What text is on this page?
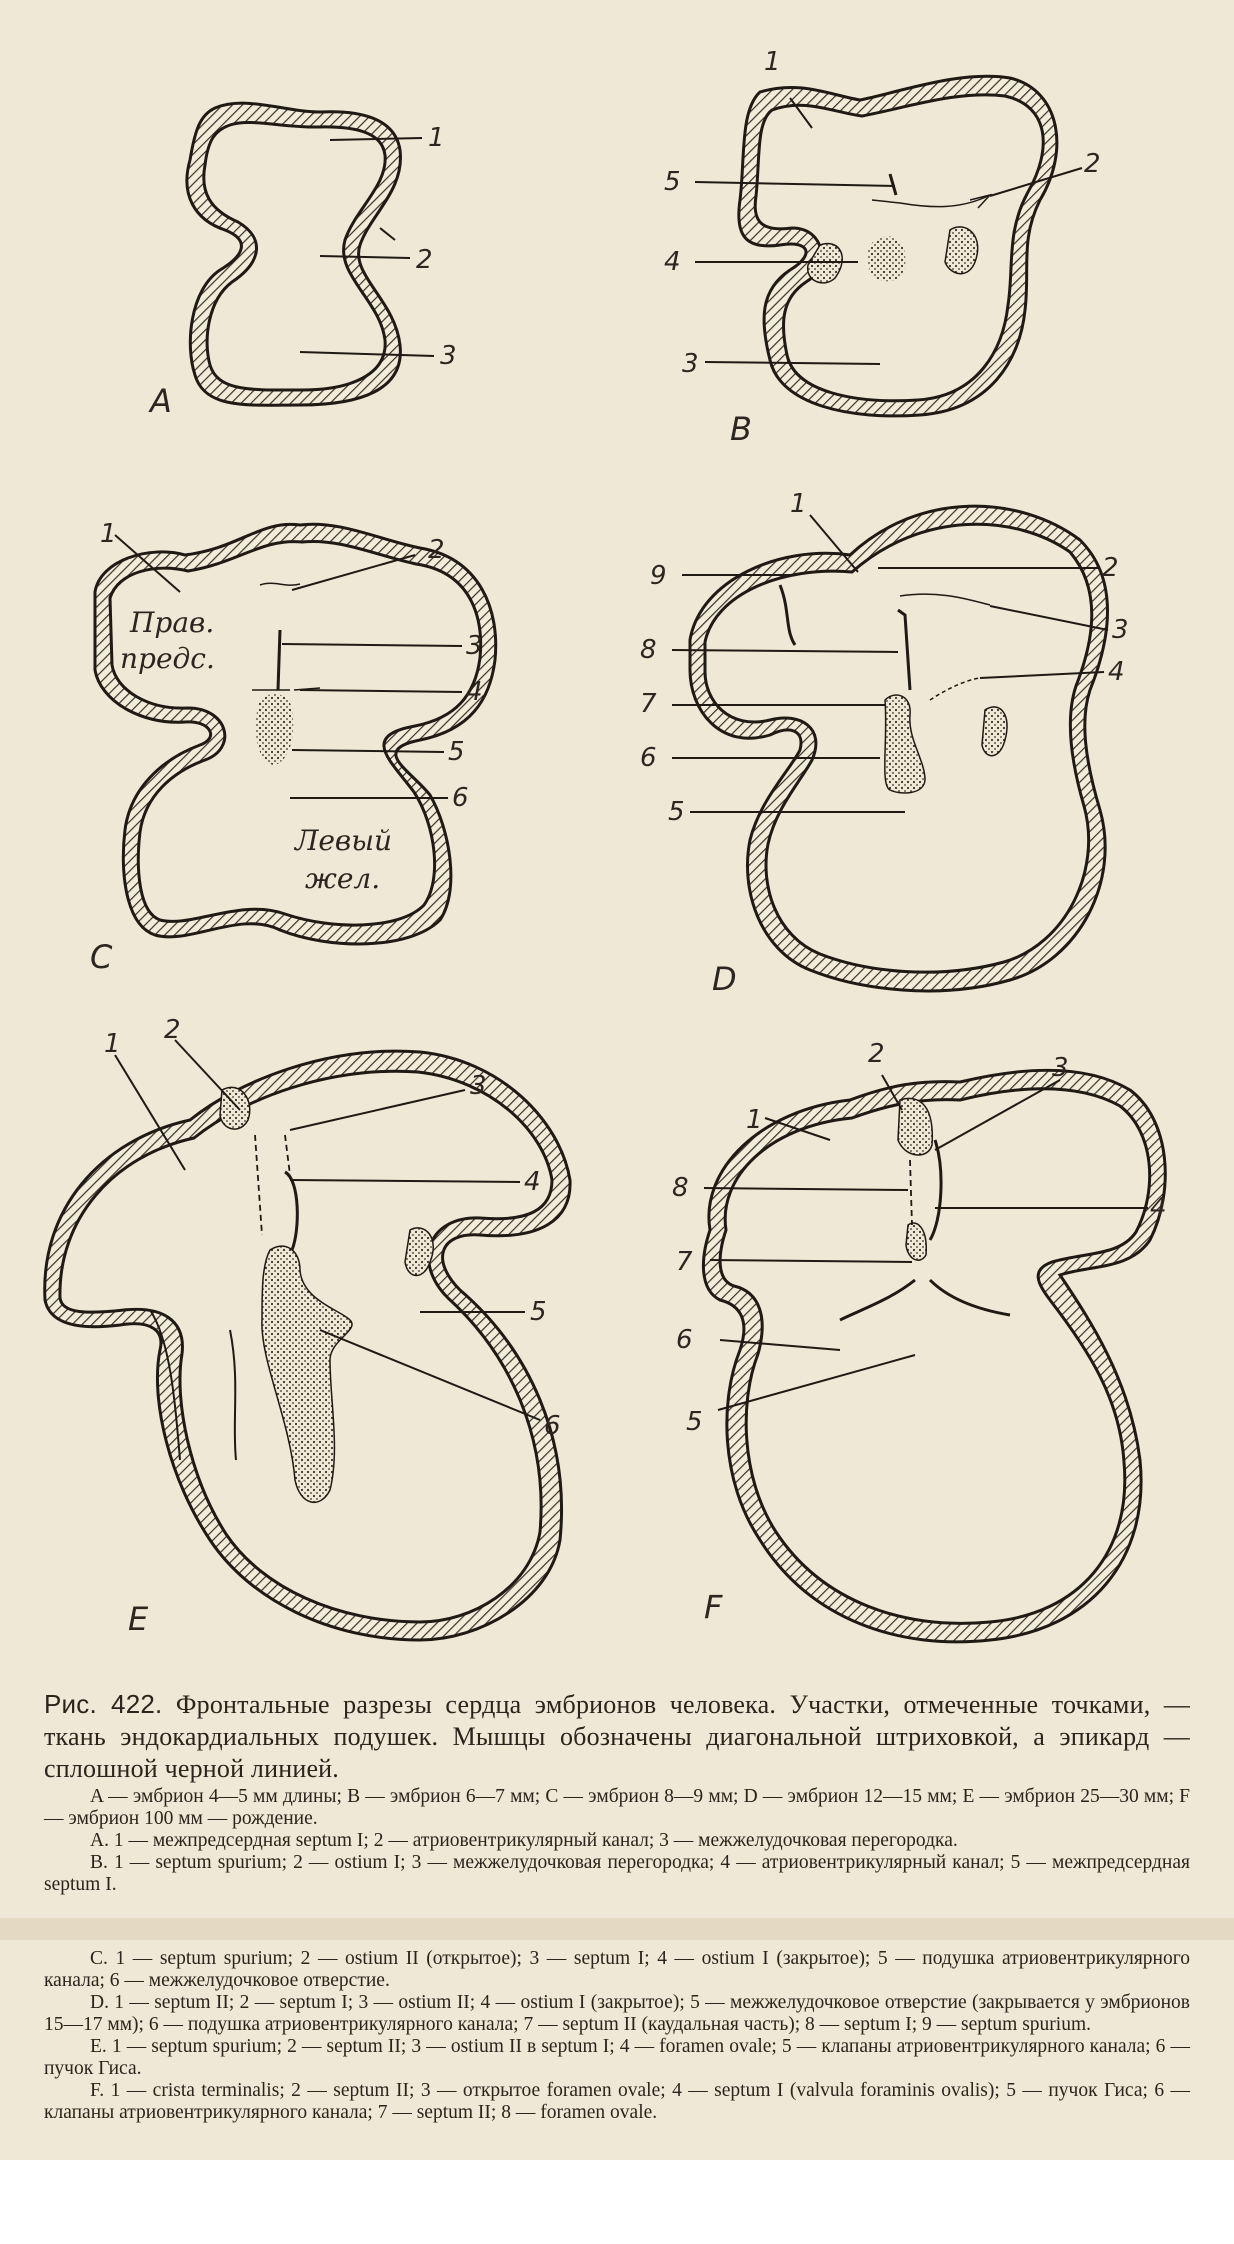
1
2
3
A
1
2
3
4
5
B
Прав.
предс.
Левый
жел.
1
2
3
4
5
6
C
1
2
3
4
5
6
7
8
9
D
1 2
3
4
5
6
E
1
2	3
4
5
6
7
8
F
Рис. 422. Фронтальные разрезы сердца эмбрионов человека. Участки, отмеченные точками, — ткань эндокардиальных подушек. Мышцы обозначены диагональной штриховкой, а эпикард — сплошной черной линией.

A — эмбрион 4—5 мм длины; B — эмбрион 6—7 мм; C — эмбрион 8—9 мм; D — эмбрион 12—15 мм; E — эмбрион 25—30 мм; F — эмбрион 100 мм — рождение.

A. 1 — межпредсердная septum I; 2 — атриовентрикулярный канал; 3 — межжелудочковая перегородка.

B. 1 — septum spurium; 2 — ostium I; 3 — межжелудочковая перегородка; 4 — атриовентрикулярный канал; 5 — межпредсердная septum I.

C. 1 — septum spurium; 2 — ostium II (открытое); 3 — septum I; 4 — ostium I (закрытое); 5 — подушка атриовентрикулярного канала; 6 — межжелудочковое отверстие.

D. 1 — septum II; 2 — septum I; 3 — ostium II; 4 — ostium I (закрытое); 5 — межжелудочковое отверстие (закрывается у эмбрионов 15—17 мм); 6 — подушка атриовентрикулярного канала; 7 — septum II (каудальная часть); 8 — septum I; 9 — septum spurium.

E. 1 — septum spurium; 2 — septum II; 3 — ostium II в septum I; 4 — foramen ovale; 5 — клапаны атриовентрикулярного канала; 6 — пучок Гиса.

F. 1 — crista terminalis; 2 — septum II; 3 — открытое foramen ovale; 4 — septum I (valvula foraminis ovalis); 5 — пучок Гиса; 6 — клапаны атриовентрикулярного канала; 7 — septum II; 8 — foramen ovale.
